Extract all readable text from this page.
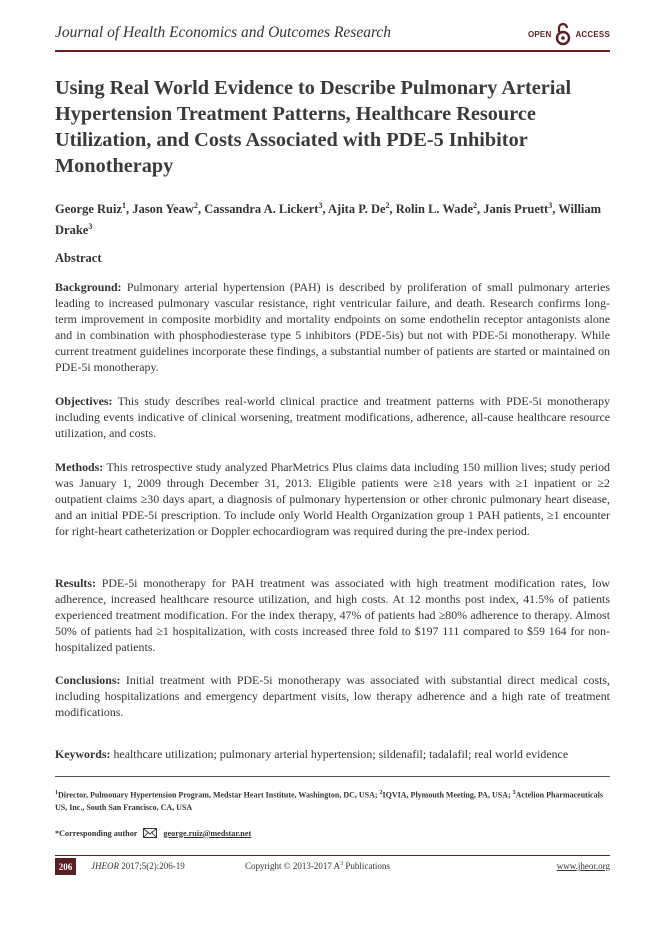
Journal of Health Economics and Outcomes Research	OPEN	ACCESS
Using Real World Evidence to Describe Pulmonary Arterial Hypertension Treatment Patterns, Healthcare Resource Utilization, and Costs Associated with PDE-5 Inhibitor Monotherapy
George Ruiz$^1$, Jason Yeaw$^2$, Cassandra A. Lickert$^3$, Ajita P. De$^2$, Rolin L. Wade$^2$, Janis Pruett$^3$, William Drake$^3$
Abstract

Background: Pulmonary arterial hypertension (PAH) is described by proliferation of small pulmonary arteries leading to increased pulmonary vascular resistance, right ventricular failure, and death. Research confirms long-term improvement in composite morbidity and mortality endpoints on some endothelin receptor antagonists alone and in combination with phosphodiesterase type 5 inhibitors (PDE-5is) but not with PDE-5i monotherapy. While current treatment guidelines incorporate these findings, a substantial number of patients are started or maintained on PDE-5i monotherapy.

Objectives: This study describes real-world clinical practice and treatment patterns with PDE-5i monotherapy including events indicative of clinical worsening, treatment modifications, adherence, all-cause healthcare resource utilization, and costs.

Methods: This retrospective study analyzed PharMetrics Plus claims data including 150 million lives; study period was January 1, 2009 through December 31, 2013. Eligible patients were ≥18 years with ≥1 inpatient or ≥2 outpatient claims ≥30 days apart, a diagnosis of pulmonary hypertension or other chronic pulmonary heart disease, and an initial PDE-5i prescription. To include only World Health Organization group 1 PAH patients, ≥1 encounter for right-heart catheterization or Doppler echocardiogram was required during the pre-index period.

Results: PDE-5i monotherapy for PAH treatment was associated with high treatment modification rates, low adherence, increased healthcare resource utilization, and high costs. At 12 months post index, 41.5% of patients experienced treatment modification. For the index therapy, 47% of patients had ≥80% adherence to therapy. Almost 50% of patients had ≥1 hospitalization, with costs increased three fold to $197 111 compared to $59 164 for non-hospitalized patients.

Conclusions: Initial treatment with PDE-5i monotherapy was associated with substantial direct medical costs, including hospitalizations and emergency department visits, low therapy adherence and a high rate of treatment modifications.

Keywords: healthcare utilization; pulmonary arterial hypertension; sildenafil; tadalafil; real world evidence

$^1$Director, Pulmonary Hypertension Program, Medstar Heart Institute, Washington, DC, USA; $^2$IQVIA, Plymouth Meeting, PA, USA; $^3$Actelion Pharmaceuticals US, Inc., South San Francisco, CA, USA
*Corresponding author	george.ruiz@medstar.net
206	JHEOR 2017;5(2):206-19	Copyright © 2013-2017 $A^3$ Publications	www.jheor.org
